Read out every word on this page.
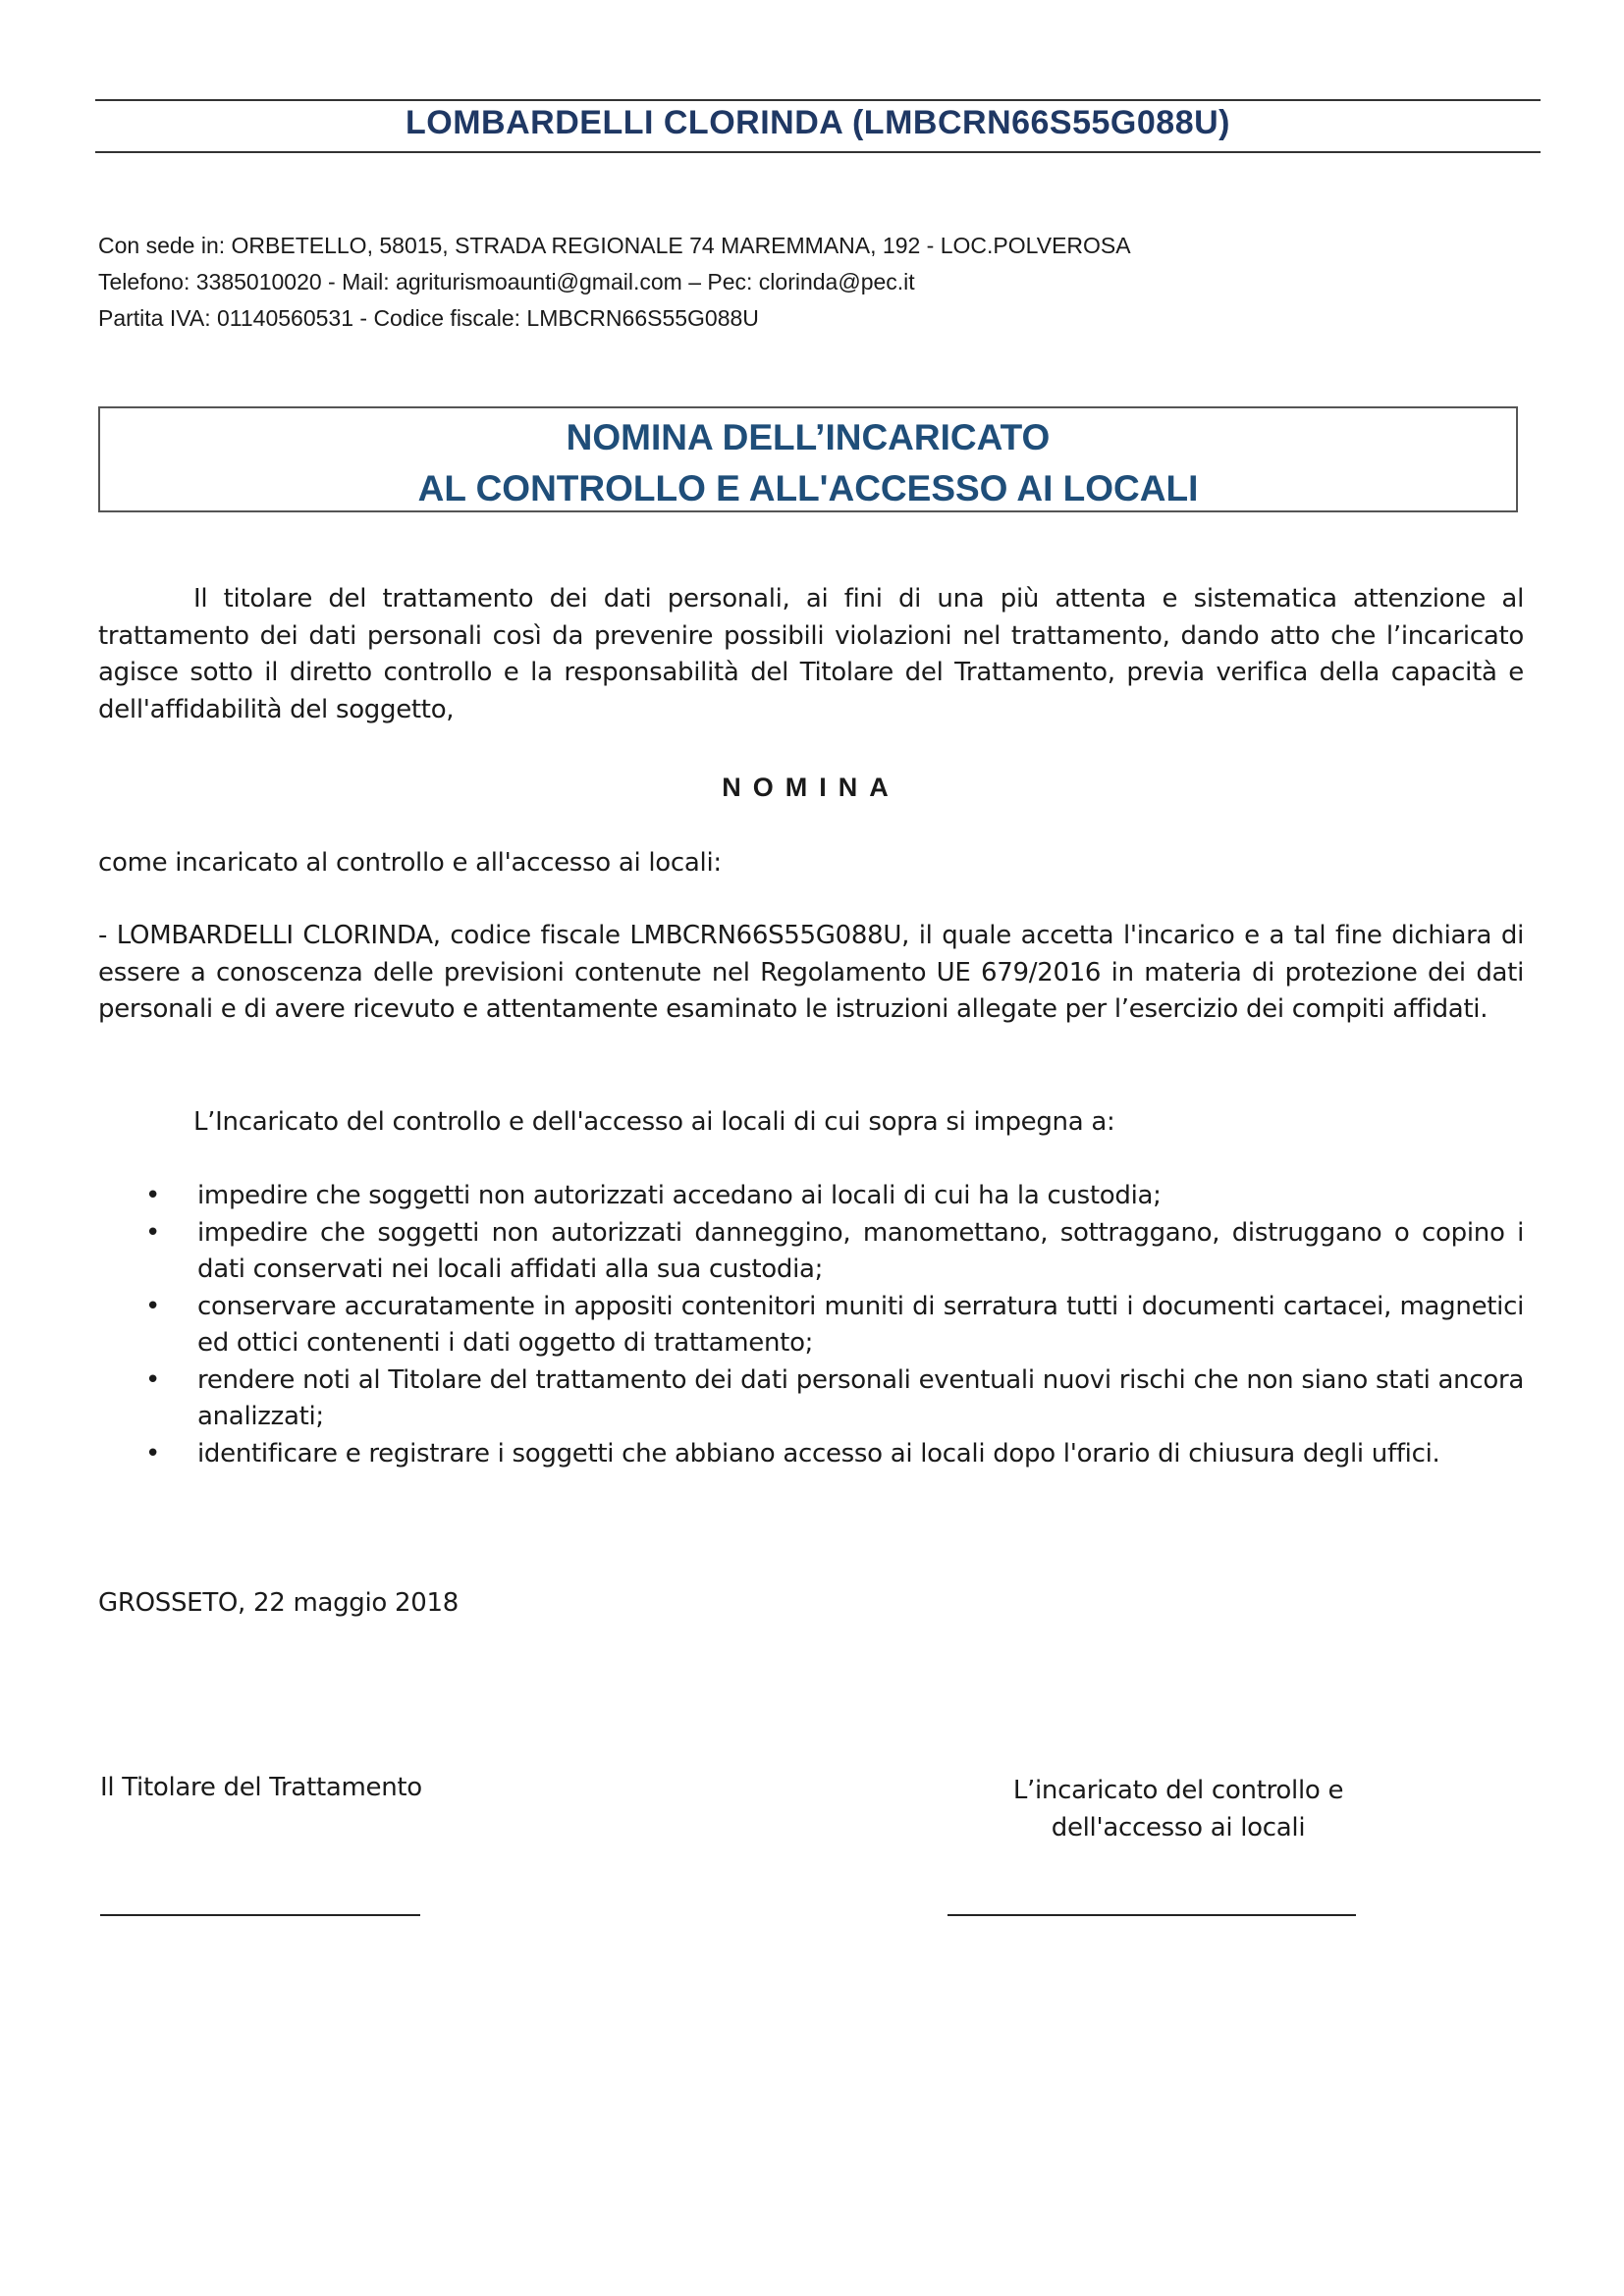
LOMBARDELLI CLORINDA (LMBCRN66S55G088U)
Con sede in: ORBETELLO, 58015, STRADA REGIONALE 74 MAREMMANA, 192 - LOC.POLVEROSA
Telefono: 3385010020 - Mail: agriturismoaunti@gmail.com – Pec: clorinda@pec.it
Partita IVA: 01140560531 - Codice fiscale: LMBCRN66S55G088U
NOMINA DELL’INCARICATO
AL CONTROLLO E ALL'ACCESSO AI LOCALI
Il titolare del trattamento dei dati personali, ai fini di una più attenta e sistematica attenzione al trattamento dei dati personali così da prevenire possibili violazioni nel trattamento, dando atto che l’incaricato agisce sotto il diretto controllo e la responsabilità del Titolare del Trattamento, previa verifica della capacità e dell'affidabilità del soggetto,
NOMINA
come incaricato al controllo e all'accesso ai locali:
- LOMBARDELLI CLORINDA, codice fiscale LMBCRN66S55G088U, il quale accetta l'incarico e a tal fine dichiara di essere a conoscenza delle previsioni contenute nel Regolamento UE 679/2016 in materia di protezione dei dati personali e di avere ricevuto e attentamente esaminato le istruzioni allegate per l’esercizio dei compiti affidati.
L’Incaricato del controllo e dell'accesso ai locali di cui sopra si impegna a:
• impedire che soggetti non autorizzati accedano ai locali di cui ha la custodia;
• impedire che soggetti non autorizzati danneggino, manomettano, sottraggano, distruggano o copino i dati conservati nei locali affidati alla sua custodia;
• conservare accuratamente in appositi contenitori muniti di serratura tutti i documenti cartacei, magnetici ed ottici contenenti i dati oggetto di trattamento;
• rendere noti al Titolare del trattamento dei dati personali eventuali nuovi rischi che non siano stati ancora analizzati;
• identificare e registrare i soggetti che abbiano accesso ai locali dopo l'orario di chiusura degli uffici.
GROSSETO, 22 maggio 2018
Il Titolare del Trattamento	L’incaricato del controllo e
dell'accesso ai locali
